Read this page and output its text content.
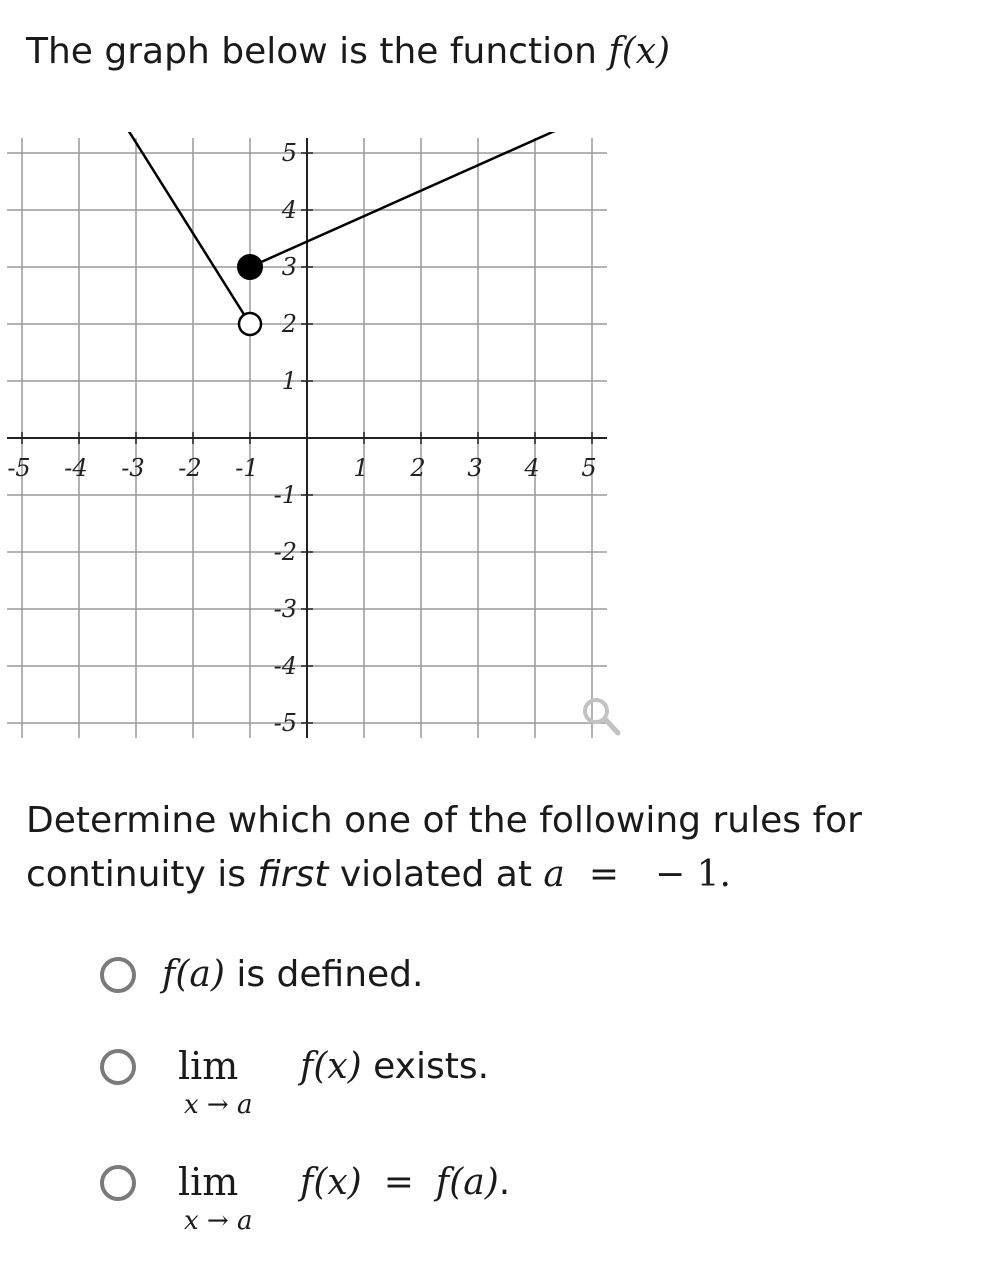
The graph below is the function f(x)
-5 -4 -3 -2 -1	1 2 3 4 5
5
4
3
2
1
-1
-2
-3
-4
-5
Determine which one of the following rules for
continuity is first violated at a = − 1.
f(a) is defined.
lim
x → a
f(x) exists.
lim
x → a
f(x) = f(a).
